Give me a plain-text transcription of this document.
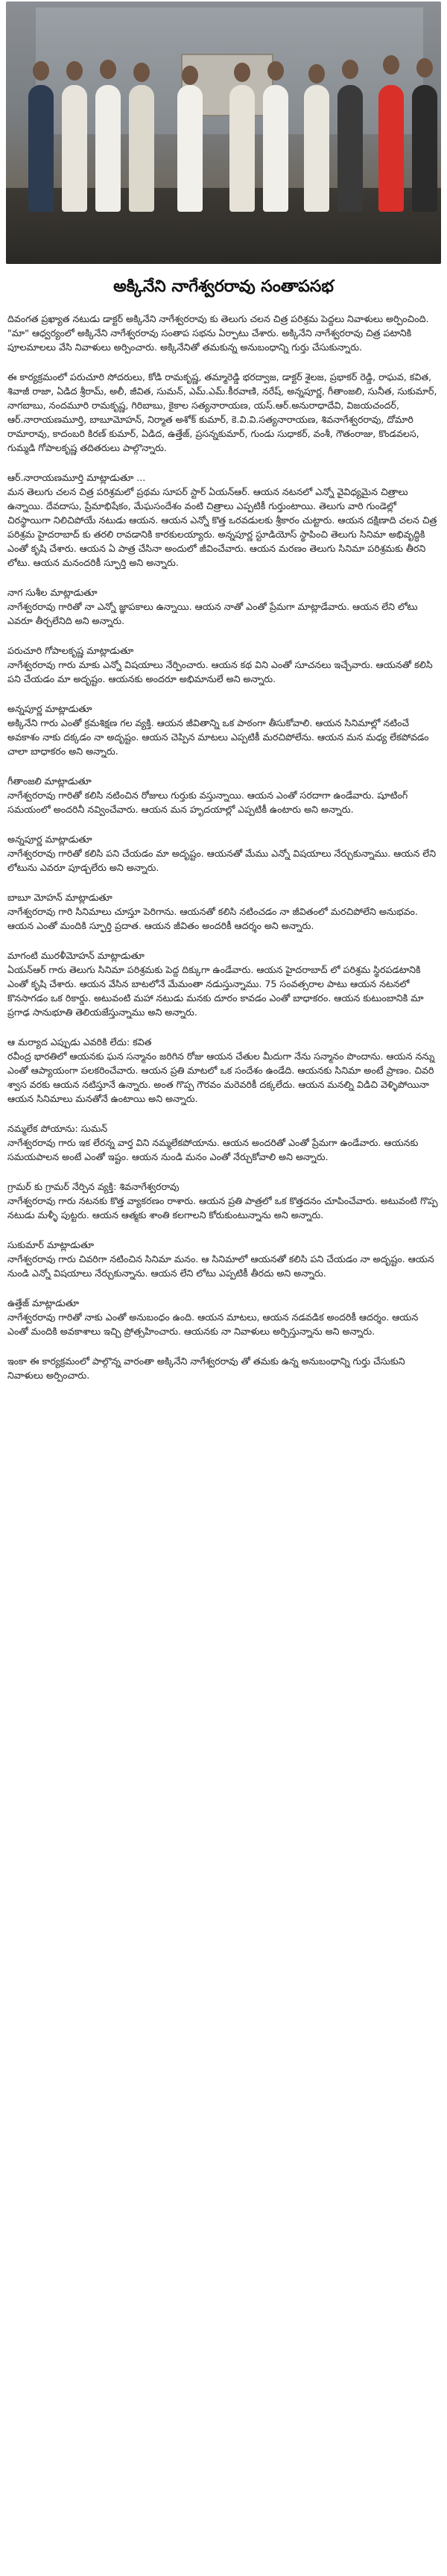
అక్కినేని నాగేశ్వరరావు సంతాపసభ

దివంగత ప్రఖ్యాత నటుడు డాక్టర్ అక్కినేని నాగేశ్వరరావు కు తెలుగు చలన చిత్ర పరిశ్రమ పెద్దలు నివాళులు అర్పించింది. "మా" ఆధ్వర్యంలో అక్కినేని నాగేశ్వరరావు సంతాప సభను ఏర్పాటు చేశారు. అక్కినేని నాగేశ్వరరావు చిత్ర పటానికి పూలమాలలు వేసి నివాళులు అర్పించారు. అక్కినేనితో తమకున్న అనుబంధాన్ని గుర్తు చేసుకున్నారు.

ఈ కార్యక్రమంలో పరుచూరి సోదరులు, కోడి రామకృష్ణ, తమ్మారెడ్డి భరద్వాజ, డాక్టర్ శైలజ, ప్రభాకర్ రెడ్డి, రాఘవ, కవిత, శివాజీ రాజా, ఏడిద శ్రీరామ్, అలీ, జీవిత, సుమన్, ఎమ్.ఎమ్.కీరవాణి, నరేష్, అన్నపూర్ణ, గీతాంజలి, సునీత, సుకుమార్, నాగబాబు, నందమూరి రామకృష్ణ, గిరిబాబు, కైకాల సత్యనారాయణ, యస్.ఆర్.అనురాధాదేవి, విజయచందర్, ఆర్.నారాయణమూర్తి, బాబూమోహన్, నిర్మాత అశోక్ కుమార్, కె.వి.వి.సత్యనారాయణ, శివనాగేశ్వరరావు, దోమారి రామారావు, కాదంబరి కిరణ్ కుమార్, ఏడిద, ఉత్తేజ్, ప్రసన్నకుమార్, గుండు సుధాకర్, వంశీ, గౌతంరాజు, కొండవలస, గుమ్మడి గోపాలకృష్ణ తదితరులు పాల్గొన్నారు.

ఆర్.నారాయణమూర్తి మాట్లాడుతూ ...
మన తెలుగు చలన చిత్ర పరిశ్రమలో ప్రథమ సూపర్ స్టార్ ఏయన్ఆర్. ఆయన నటనలో ఎన్నో వైవిధ్యమైన చిత్రాలు ఉన్నాయి. దేవదాసు, ప్రేమాభిషేకం, మేఘసందేశం వంటి చిత్రాలు ఎప్పటికీ గుర్తుంటాయి. తెలుగు వారి గుండెల్లో చిరస్థాయిగా నిలిచిపోయే నటుడు ఆయన. ఆయన ఎన్నో కొత్త ఒరవడులకు శ్రీకారం చుట్టారు. ఆయన దక్షిణాది చలన చిత్ర పరిశ్రమ హైదరాబాద్ కు తరలి రావడానికి కారకులయ్యారు. అన్నపూర్ణ స్టూడియోస్ స్థాపించి తెలుగు సినిమా అభివృద్ధికి ఎంతో కృషి చేశారు. ఆయన ఏ పాత్ర చేసినా అందులో జీవించేవారు. ఆయన మరణం తెలుగు సినిమా పరిశ్రమకు తీరని లోటు. ఆయన మనందరికీ స్ఫూర్తి అని అన్నారు.

నాగ సుశీల మాట్లాడుతూ
నాగేశ్వరరావు గారితో నా ఎన్నో జ్ఞాపకాలు ఉన్నాయి. ఆయన నాతో ఎంతో ప్రేమగా మాట్లాడేవారు. ఆయన లేని లోటు ఎవరూ తీర్చలేనిది అని అన్నారు.

పరుచూరి గోపాలకృష్ణ మాట్లాడుతూ
నాగేశ్వరరావు గారు మాకు ఎన్నో విషయాలు నేర్పించారు. ఆయన కథ విని ఎంతో సూచనలు ఇచ్చేవారు. ఆయనతో కలిసి పని చేయడం మా అదృష్టం. ఆయనకు అందరూ అభిమానులే అని అన్నారు.

అన్నపూర్ణ మాట్లాడుతూ
అక్కినేని గారు ఎంతో క్రమశిక్షణ గల వ్యక్తి. ఆయన జీవితాన్ని ఒక పాఠంగా తీసుకోవాలి. ఆయన సినిమాల్లో నటించే అవకాశం నాకు దక్కడం నా అదృష్టం. ఆయన చెప్పిన మాటలు ఎప్పటికీ మరచిపోలేను. ఆయన మన మధ్య లేకపోవడం చాలా బాధాకరం అని అన్నారు.

గీతాంజలి మాట్లాడుతూ
నాగేశ్వరరావు గారితో కలిసి నటించిన రోజులు గుర్తుకు వస్తున్నాయి. ఆయన ఎంతో సరదాగా ఉండేవారు. షూటింగ్ సమయంలో అందరినీ నవ్వించేవారు. ఆయన మన హృదయాల్లో ఎప్పటికీ ఉంటారు అని అన్నారు.

అన్నపూర్ణ మాట్లాడుతూ
నాగేశ్వరరావు గారితో కలిసి పని చేయడం మా అదృష్టం. ఆయనతో మేము ఎన్నో విషయాలు నేర్చుకున్నాము. ఆయన లేని లోటును ఎవరూ పూడ్చలేరు అని అన్నారు.

బాబూ మోహన్ మాట్లాడుతూ
నాగేశ్వరరావు గారి సినిమాలు చూస్తూ పెరిగాను. ఆయనతో కలిసి నటించడం నా జీవితంలో మరచిపోలేని అనుభవం. ఆయన ఎంతో మందికి స్ఫూర్తి ప్రదాత. ఆయన జీవితం అందరికీ ఆదర్శం అని అన్నారు.

మాగంటి మురళీమోహన్ మాట్లాడుతూ
ఏయన్ఆర్ గారు తెలుగు సినిమా పరిశ్రమకు పెద్ద దిక్కుగా ఉండేవారు. ఆయన హైదరాబాద్ లో పరిశ్రమ స్థిరపడటానికి ఎంతో కృషి చేశారు. ఆయన వేసిన బాటలోనే మేమంతా నడుస్తున్నాము. 75 సంవత్సరాల పాటు ఆయన నటనలో కొనసాగడం ఒక రికార్డు. అటువంటి మహా నటుడు మనకు దూరం కావడం ఎంతో బాధాకరం. ఆయన కుటుంబానికి మా ప్రగాఢ సానుభూతి తెలియజేస్తున్నాము అని అన్నారు.

ఆ మర్యాద ఎప్పుడు ఎవరికి లేదు: కవిత
రవీంద్ర భారతిలో ఆయనకు ఘన సన్మానం జరిగిన రోజు ఆయన చేతుల మీదుగా నేను సన్మానం పొందాను. ఆయన నన్ను ఎంతో ఆప్యాయంగా పలకరించేవారు. ఆయన ప్రతి మాటలో ఒక సందేశం ఉండేది. ఆయనకు సినిమా అంటే ప్రాణం. చివరి శ్వాస వరకు ఆయన నటిస్తూనే ఉన్నారు. అంత గొప్ప గౌరవం మరెవరికీ దక్కలేదు. ఆయన మనల్ని విడిచి వెళ్ళిపోయినా ఆయన సినిమాలు మనతోనే ఉంటాయి అని అన్నారు.

నమ్మలేక పోయాను: సుమన్
నాగేశ్వరరావు గారు ఇక లేరన్న వార్త విని నమ్మలేకపోయాను. ఆయన అందరితో ఎంతో ప్రేమగా ఉండేవారు. ఆయనకు సమయపాలన అంటే ఎంతో ఇష్టం. ఆయన నుండి మనం ఎంతో నేర్చుకోవాలి అని అన్నారు.

గ్రామర్ కు గ్రామర్ నేర్పిన వ్యక్తి: శివనాగేశ్వరరావు
నాగేశ్వరరావు గారు నటనకు కొత్త వ్యాకరణం రాశారు. ఆయన ప్రతి పాత్రలో ఒక కొత్తదనం చూపించేవారు. అటువంటి గొప్ప నటుడు మళ్ళీ పుట్టరు. ఆయన ఆత్మకు శాంతి కలగాలని కోరుకుంటున్నాను అని అన్నారు.

సుకుమార్ మాట్లాడుతూ
నాగేశ్వరరావు గారు చివరిగా నటించిన సినిమా మనం. ఆ సినిమాలో ఆయనతో కలిసి పని చేయడం నా అదృష్టం. ఆయన నుండి ఎన్నో విషయాలు నేర్చుకున్నాను. ఆయన లేని లోటు ఎప్పటికీ తీరదు అని అన్నారు.

ఉత్తేజ్ మాట్లాడుతూ
నాగేశ్వరరావు గారితో నాకు ఎంతో అనుబంధం ఉంది. ఆయన మాటలు, ఆయన నడవడిక అందరికీ ఆదర్శం. ఆయన ఎంతో మందికి అవకాశాలు ఇచ్చి ప్రోత్సహించారు. ఆయనకు నా నివాళులు అర్పిస్తున్నాను అని అన్నారు.

ఇంకా ఈ కార్యక్రమంలో పాల్గొన్న వారంతా అక్కినేని నాగేశ్వరరావు తో తమకు ఉన్న అనుబంధాన్ని గుర్తు చేసుకుని నివాళులు అర్పించారు.
